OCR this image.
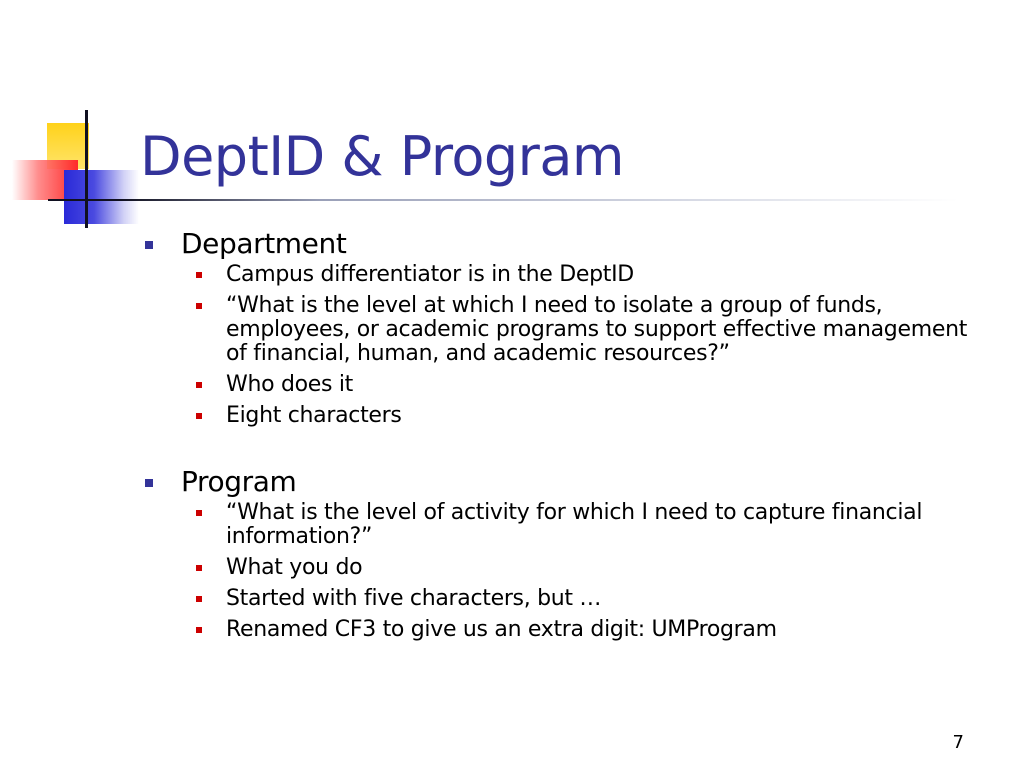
DeptID & Program
Department
Campus differentiator is in the DeptID
“What is the level at which I need to isolate a group of funds, employees, or academic programs to support effective management of financial, human, and academic resources?”
Who does it
Eight characters
Program
“What is the level of activity for which I need to capture financial information?”
What you do
Started with five characters, but …
Renamed CF3 to give us an extra digit: UMProgram
7
